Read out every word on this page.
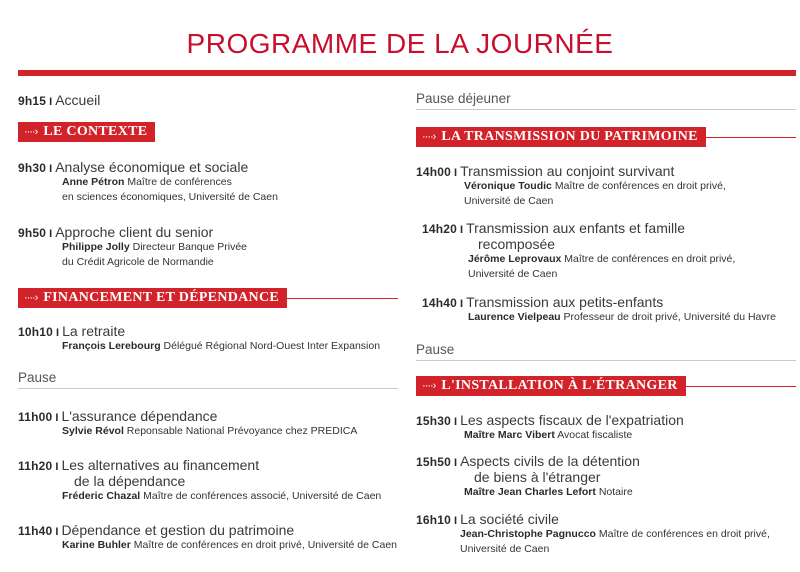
PROGRAMME DE LA JOURNÉE
9h15 I Accueil
····› LE CONTEXTE
9h30 I Analyse économique et sociale
Anne Pétron Maître de conférences
en sciences économiques, Université de Caen
9h50 I Approche client du senior
Philippe Jolly Directeur Banque Privée
du Crédit Agricole de Normandie
····› FINANCEMENT ET DÉPENDANCE
10h10 I La retraite
François Lerebourg Délégué Régional Nord-Ouest Inter Expansion
Pause
11h00 I L'assurance dépendance
Sylvie Révol Reponsable National Prévoyance chez PREDICA
11h20 I Les alternatives au financement
de la dépendance
Fréderic Chazal Maître de conférences associé, Université de Caen
11h40 I Dépendance et gestion du patrimoine
Karine Buhler Maître de conférences en droit privé, Université de Caen
Pause déjeuner
····› LA TRANSMISSION DU PATRIMOINE
14h00 I Transmission au conjoint survivant
Véronique Toudic Maître de conférences en droit privé,
Université de Caen
14h20 I Transmission aux enfants et famille
recomposée
Jérôme Leprovaux Maître de conférences en droit privé,
Université de Caen
14h40 I Transmission aux petits-enfants
Laurence Vielpeau Professeur de droit privé, Université du Havre
Pause
····› L'INSTALLATION À L'ÉTRANGER
15h30 I Les aspects fiscaux de l'expatriation
Maître Marc Vibert Avocat fiscaliste
15h50 I Aspects civils de la détention
de biens à l'étranger
Maître Jean Charles Lefort Notaire
16h10 I La société civile
Jean-Christophe Pagnucco Maître de conférences en droit privé,
Université de Caen
